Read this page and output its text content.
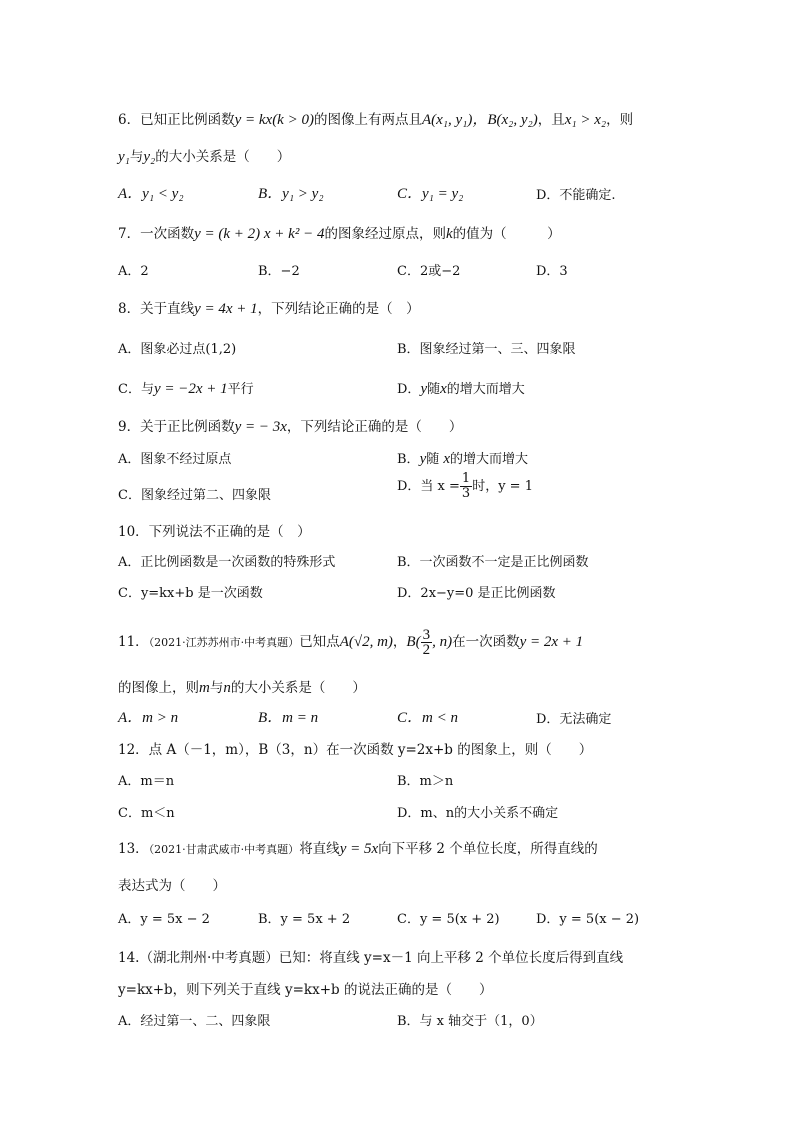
6．已知正比例函数y = kx(k > 0)的图像上有两点且A(x₁, y₁)，B(x₂, y₂)，且x₁ > x₂，则
y₁与y₂的大小关系是（　　）
A．y₁ < y₂	B．y₁ > y₂	C．y₁ = y₂	D．不能确定.
7．一次函数y = (k + 2) x + k² − 4的图象经过原点，则k的值为（　　　）
A．2	B．−2	C．2或−2	D．3
8．关于直线y = 4x + 1，下列结论正确的是（　）
A．图象必过点(1,2)	B．图象经过第一、三、四象限
C．与y = −2x + 1平行	D．y随x的增大而增大
9．关于正比例函数y = − 3x，下列结论正确的是（　　）
A．图象不经过原点	B．y随 x的增大而增大
C．图象经过第二、四象限
D．当 $x = \frac{1}{3}$ 时，y = 1
10．下列说法不正确的是（　）
A．正比例函数是一次函数的特殊形式	B．一次函数不一定是正比例函数
C．y=kx+b 是一次函数	D．2x−y=0 是正比例函数
11．（2021·江苏苏州市·中考真题）已知点A(√2, m)，$B( \frac{3}{2}$ , n)在一次函数y = 2x + 1
的图像上，则m与n的大小关系是（　　）
A．m > n	B．m = n	C．m < n	D．无法确定
12．点 A（－1，m），B（3，n）在一次函数 y=2x+b 的图象上，则（　　）
A．m＝n	B．m＞n
C．m＜n	D．m、n的大小关系不确定
13．（2021·甘肃武威市·中考真题）将直线y = 5x向下平移 2 个单位长度，所得直线的
表达式为（　　）
A．y = 5x − 2	B．y = 5x + 2	C．y = 5(x + 2)	D．y = 5(x − 2)
14.（湖北荆州·中考真题）已知：将直线 y=x－1 向上平移 2 个单位长度后得到直线
y=kx+b，则下列关于直线 y=kx+b 的说法正确的是（　　）
A．经过第一、二、四象限	B．与 x 轴交于（1，0）
